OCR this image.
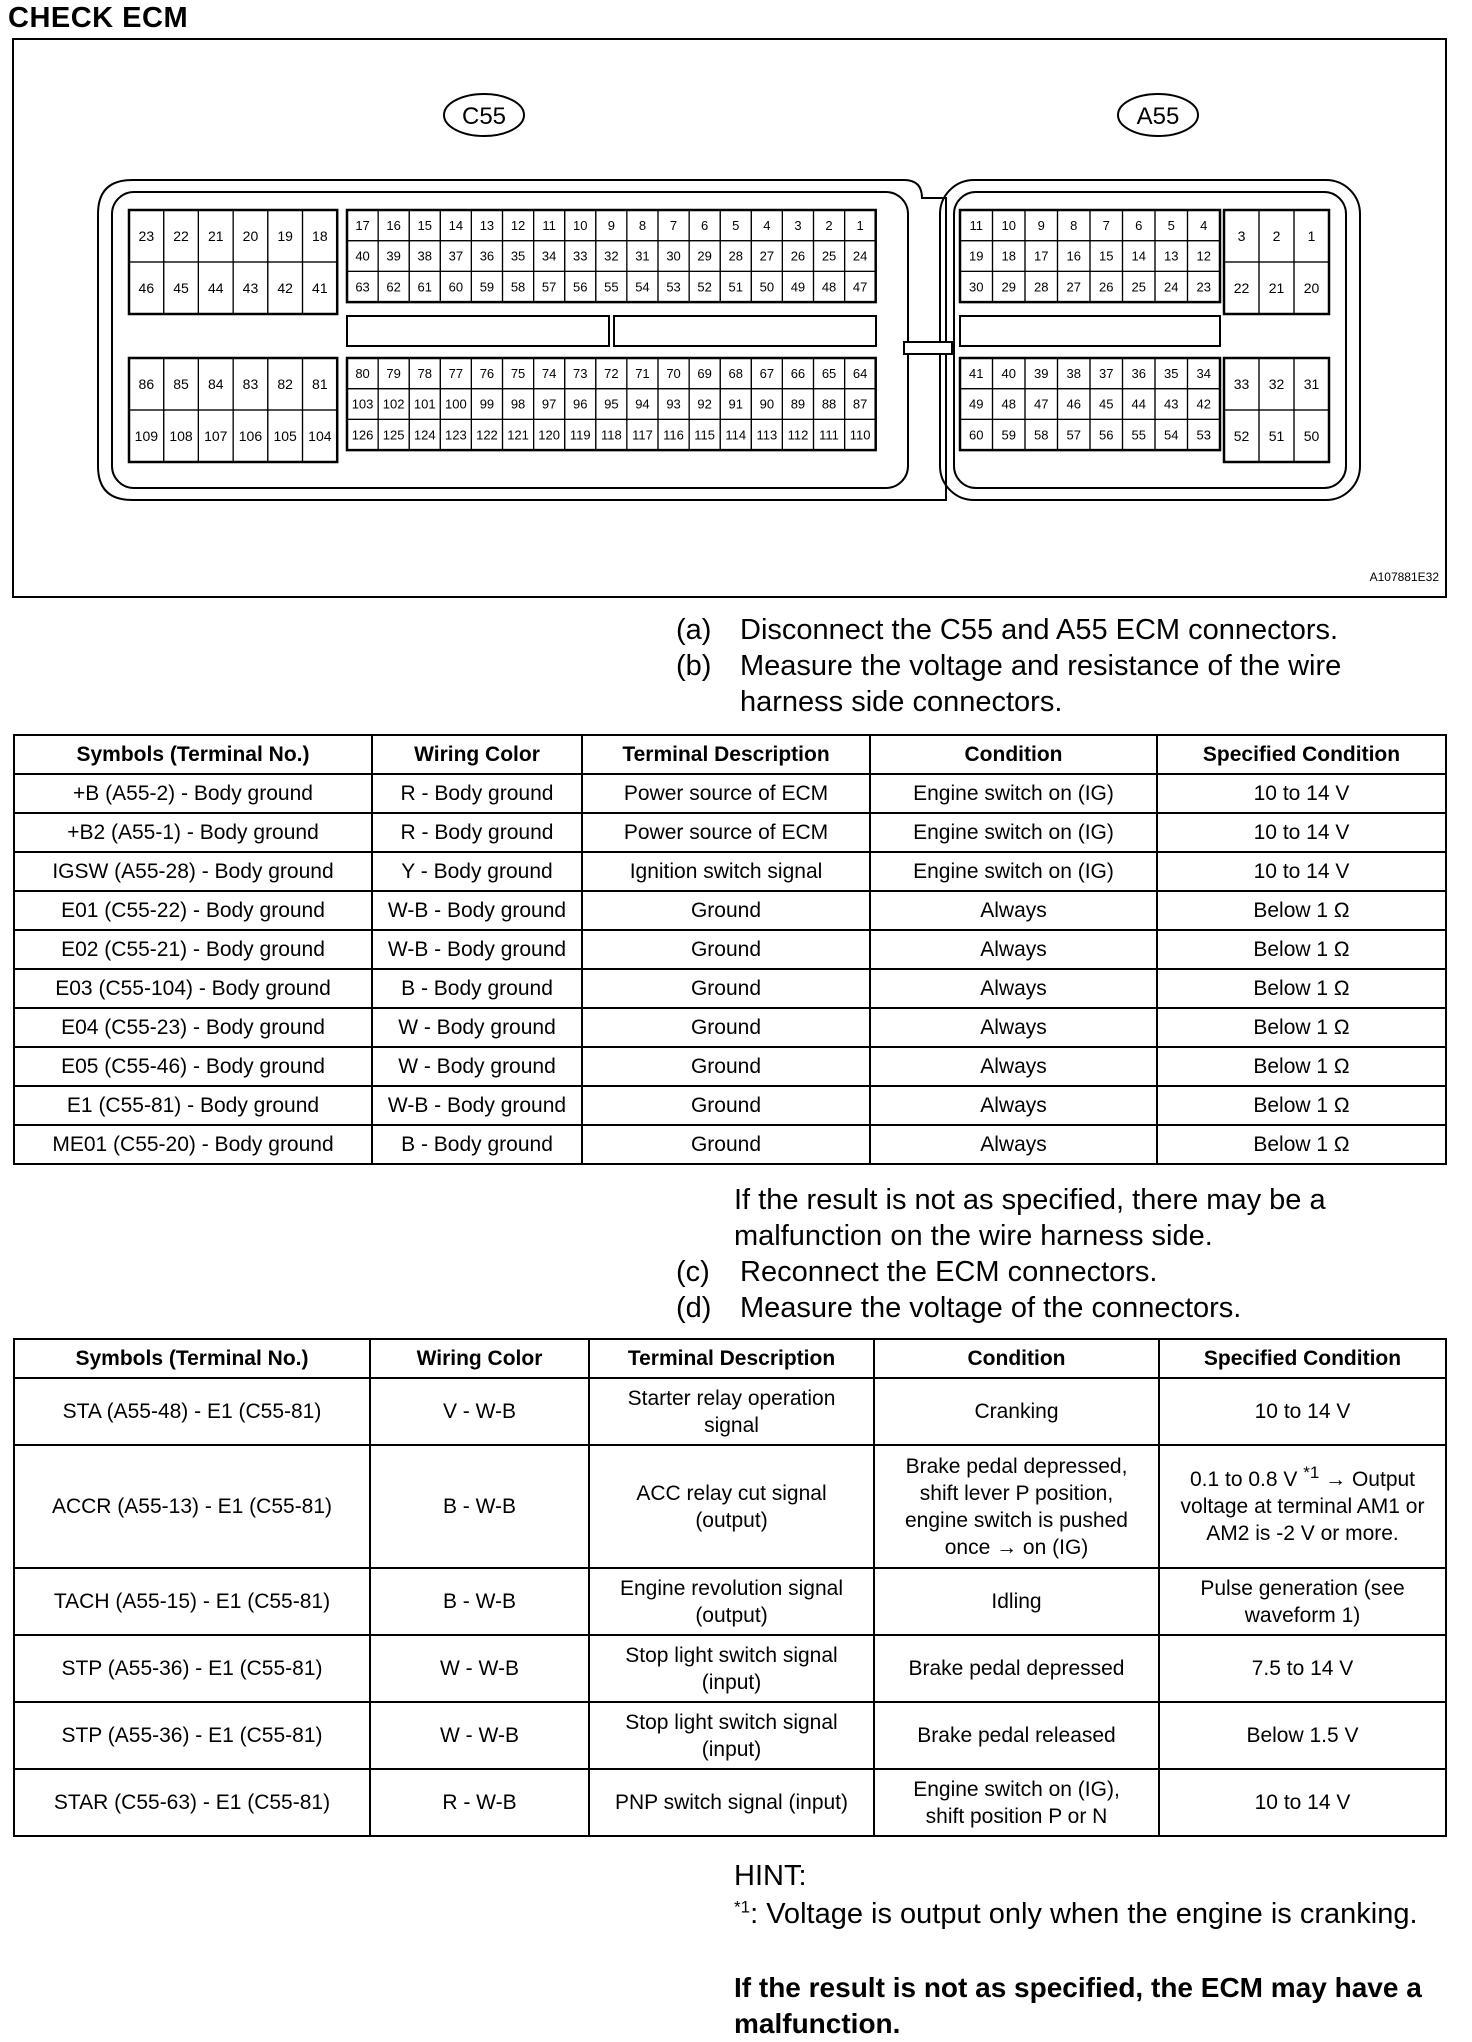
CHECK ECM
C55	A55
23 22 21 20 19 18
46 45 44 43 42 41
17 16 15 14 13 12 11 10 9 8 7 6 5 4 3 2 1
40 39 38 37 36 35 34 33 32 31 30 29 28 27 26 25 24
63 62 61 60 59 58 57 56 55 54 53 52 51 50 49 48 47
86 85 84 83 82 81
109 108 107 106 105 104
80 79 78 77 76 75 74 73 72 71 70 69 68 67 66 65 64
103 102 101 100 99 98 97 96 95 94 93 92 91 90 89 88 87
126 125 124 123 122 121 120 119 118 117 116 115 114 113 112 111 110
11 10 9 8 7 6 5 4
19 18 17 16 15 14 13 12
30 29 28 27 26 25 24 23
3 2 1
22 21 20
41 40 39 38 37 36 35 34
49 48 47 46 45 44 43 42
60 59 58 57 56 55 54 53
33 32 31
52 51 50
A107881E32
(a) Disconnect the C55 and A55 ECM connectors.
(b) Measure the voltage and resistance of the wire
harness side connectors.
Symbols (Terminal No.)	Wiring Color	Terminal Description	Condition	Specified Condition
+B (A55-2) - Body ground	R - Body ground	Power source of ECM	Engine switch on (IG)	10 to 14 V
+B2 (A55-1) - Body ground	R - Body ground	Power source of ECM	Engine switch on (IG)	10 to 14 V
IGSW (A55-28) - Body ground	Y - Body ground	Ignition switch signal	Engine switch on (IG)	10 to 14 V
E01 (C55-22) - Body ground	W-B - Body ground	Ground	Always	Below 1 Ω
E02 (C55-21) - Body ground	W-B - Body ground	Ground	Always	Below 1 Ω
E03 (C55-104) - Body ground	B - Body ground	Ground	Always	Below 1 Ω
E04 (C55-23) - Body ground	W - Body ground	Ground	Always	Below 1 Ω
E05 (C55-46) - Body ground	W - Body ground	Ground	Always	Below 1 Ω
E1 (C55-81) - Body ground	W-B - Body ground	Ground	Always	Below 1 Ω
ME01 (C55-20) - Body ground	B - Body ground	Ground	Always	Below 1 Ω
If the result is not as specified, there may be a
malfunction on the wire harness side.
(c) Reconnect the ECM connectors.
(d) Measure the voltage of the connectors.
Symbols (Terminal No.)	Wiring Color	Terminal Description	Condition	Specified Condition
STA (A55-48) - E1 (C55-81)	V - W-B	Starter relay operation signal	Cranking	10 to 14 V
ACCR (A55-13) - E1 (C55-81)	B - W-B	ACC relay cut signal (output)	Brake pedal depressed, shift lever P position, engine switch is pushed once → on (IG)	0.1 to 0.8 V $^{*1}$ → Output voltage at terminal AM1 or AM2 is -2 V or more.
TACH (A55-15) - E1 (C55-81)	B - W-B	Engine revolution signal (output)	Idling	Pulse generation (see waveform 1)
STP (A55-36) - E1 (C55-81)	W - W-B	Stop light switch signal (input)	Brake pedal depressed	7.5 to 14 V
STP (A55-36) - E1 (C55-81)	W - W-B	Stop light switch signal (input)	Brake pedal released	Below 1.5 V
STAR (C55-63) - E1 (C55-81)	R - W-B	PNP switch signal (input)	Engine switch on (IG), shift position P or N	10 to 14 V
HINT:
$^{*1}$: Voltage is output only when the engine is cranking.
If the result is not as specified, the ECM may have a malfunction.
